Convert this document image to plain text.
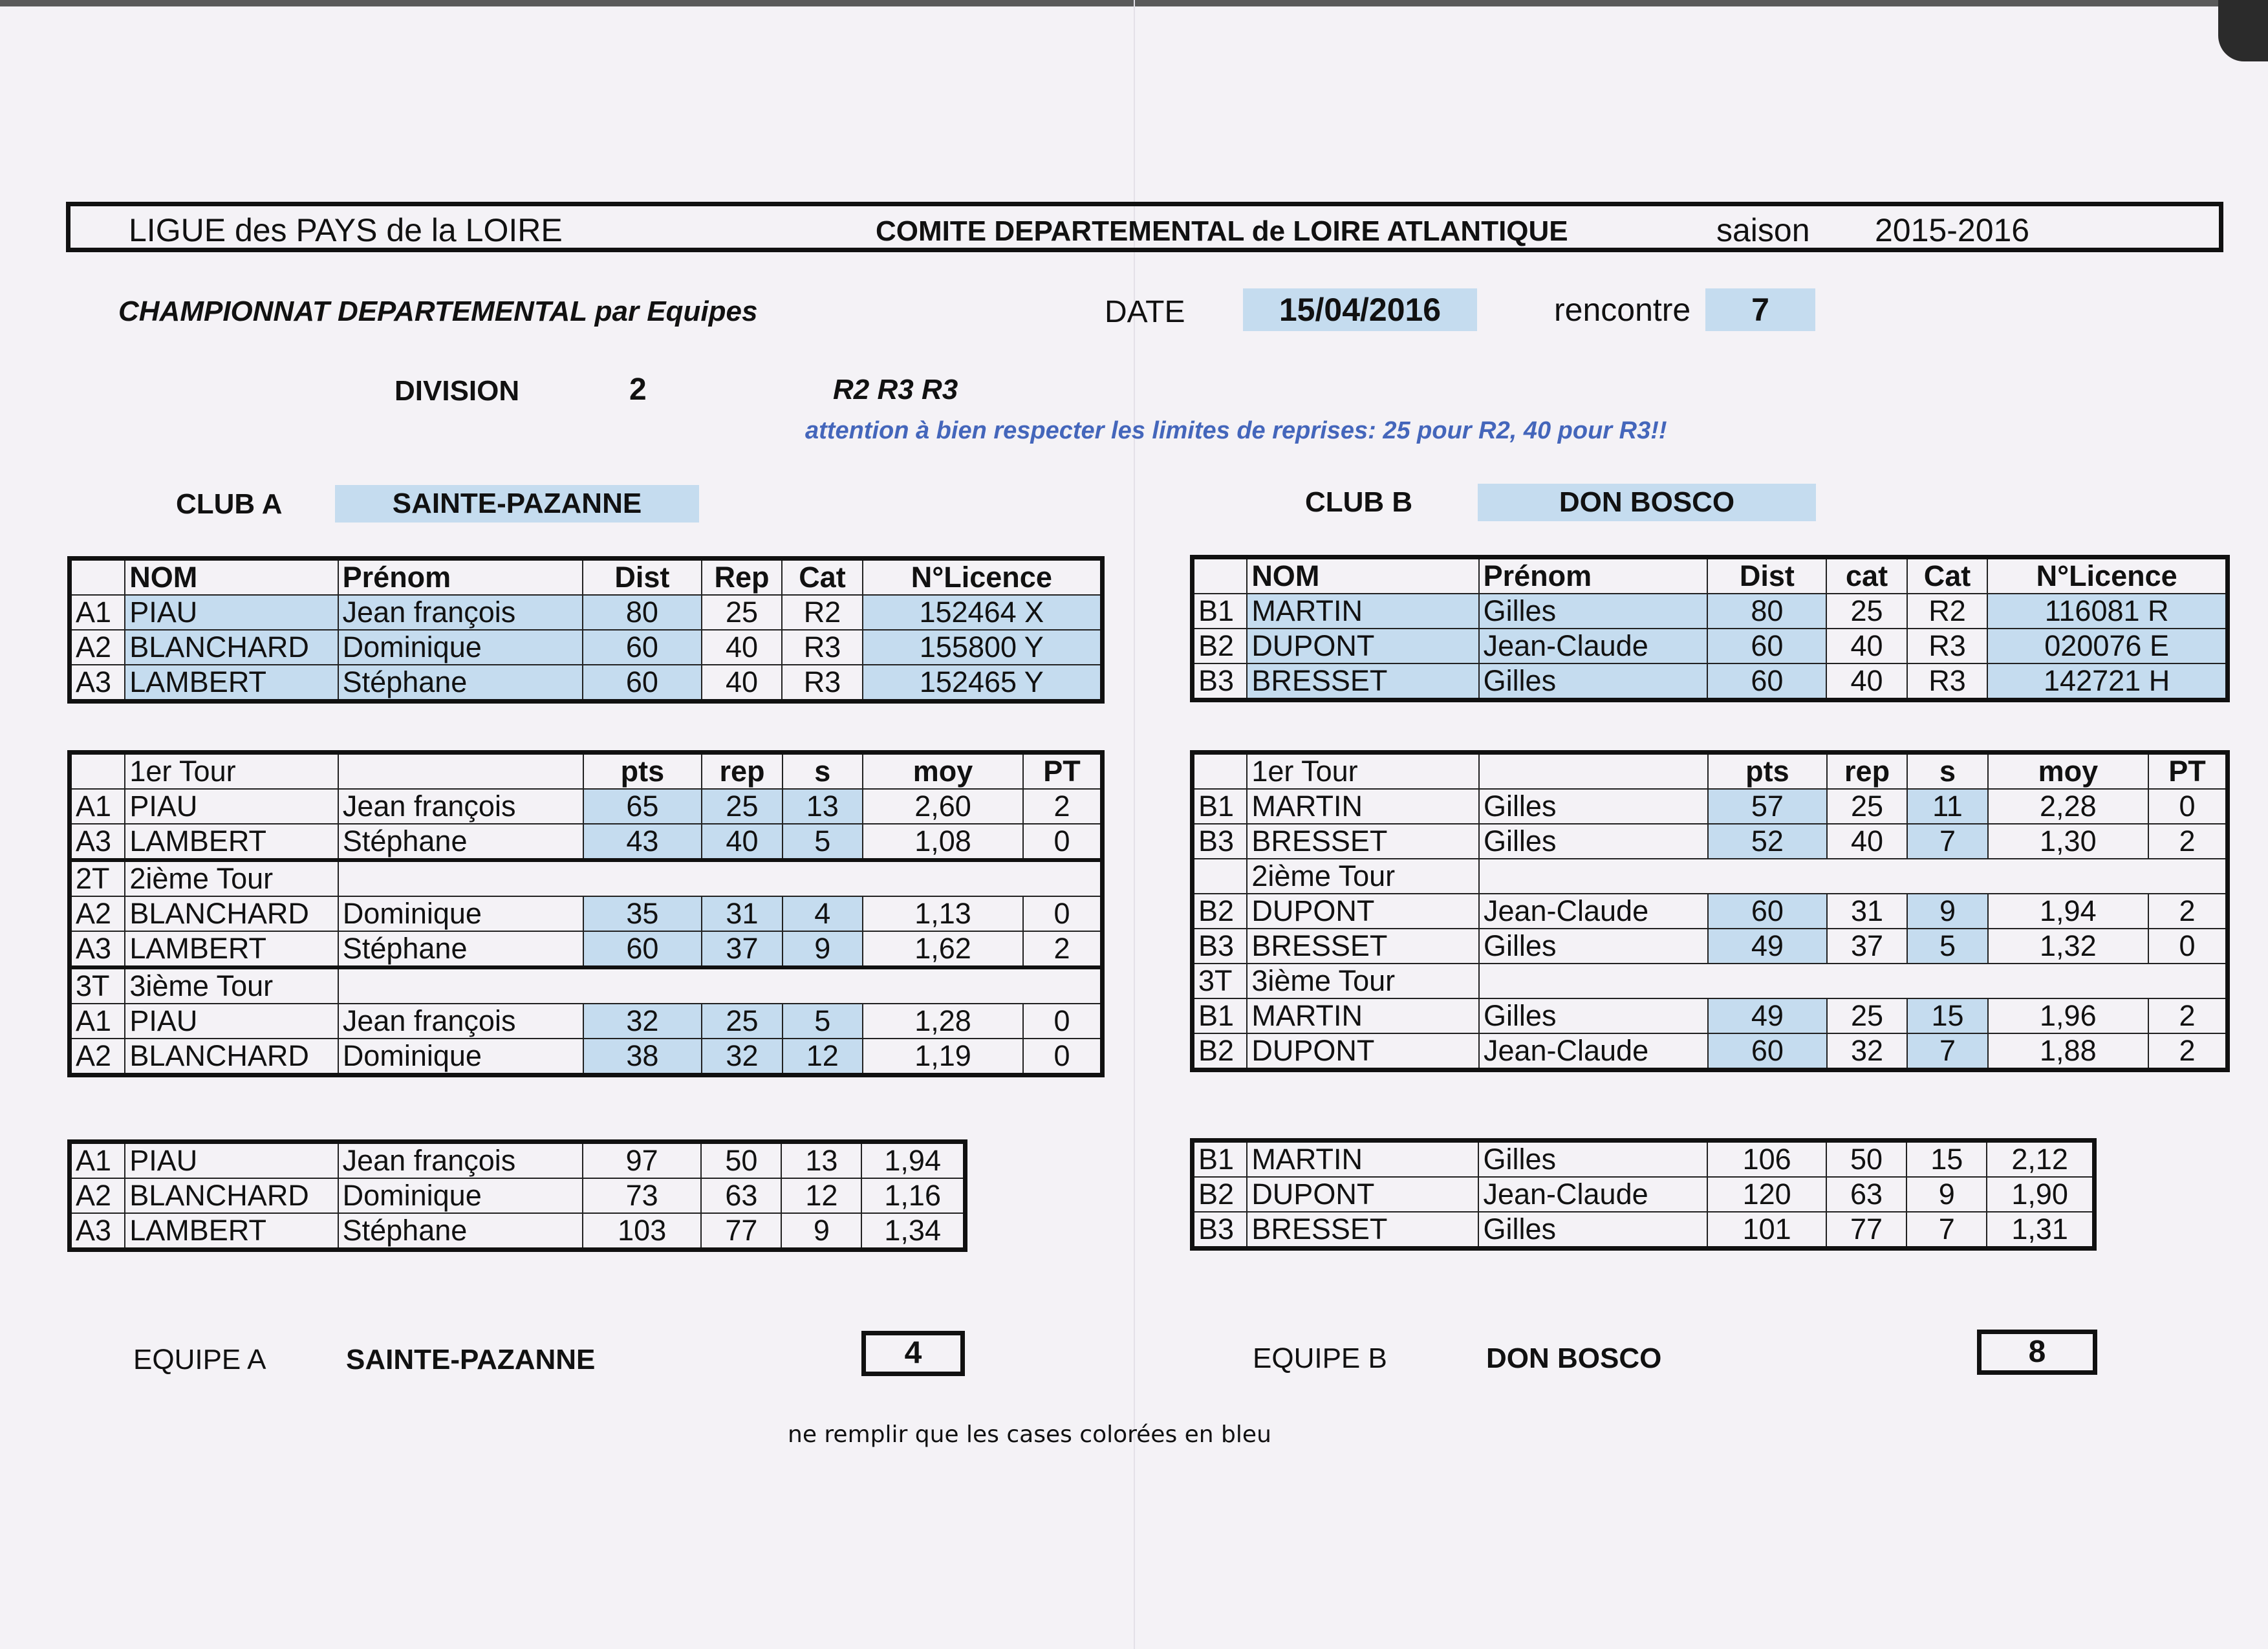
LIGUE des PAYS de la LOIRE	COMITE DEPARTEMENTAL de LOIRE ATLANTIQUE	saison 2015-2016
CHAMPIONNAT DEPARTEMENTAL par Equipes	DATE	15/04/2016	rencontre	7
DIVISION	2	R2 R3 R3
attention à bien respecter les limites de reprises: 25 pour R2, 40 pour R3!!
CLUB A	SAINTE-PAZANNE	CLUB B	DON BOSCO
	NOM	Prénom	Dist	Rep	Cat	N°Licence
A1	PIAU	Jean françois	80	25	R2	152464 X
A2	BLANCHARD	Dominique	60	40	R3	155800 Y
A3	LAMBERT	Stéphane	60	40	R3	152465 Y
	NOM	Prénom	Dist	cat	Cat	N°Licence
B1	MARTIN	Gilles	80	25	R2	116081 R
B2	DUPONT	Jean-Claude	60	40	R3	020076 E
B3	BRESSET	Gilles	60	40	R3	142721 H
	1er Tour		pts	rep	s	moy	PT
A1	PIAU	Jean françois	65	25	13	2,60	2
A3	LAMBERT	Stéphane	43	40	5	1,08	0
2T	2ième Tour						
A2	BLANCHARD	Dominique	35	31	4	1,13	0
A3	LAMBERT	Stéphane	60	37	9	1,62	2
3T	3ième Tour						
A1	PIAU	Jean françois	32	25	5	1,28	0
A2	BLANCHARD	Dominique	38	32	12	1,19	0
	1er Tour		pts	rep	s	moy	PT
B1	MARTIN	Gilles	57	25	11	2,28	0
B3	BRESSET	Gilles	52	40	7	1,30	2
	2ième Tour						
B2	DUPONT	Jean-Claude	60	31	9	1,94	2
B3	BRESSET	Gilles	49	37	5	1,32	0
3T	3ième Tour						
B1	MARTIN	Gilles	49	25	15	1,96	2
B2	DUPONT	Jean-Claude	60	32	7	1,88	2
A1	PIAU	Jean françois	97	50	13	1,94
A2	BLANCHARD	Dominique	73	63	12	1,16
A3	LAMBERT	Stéphane	103	77	9	1,34
B1	MARTIN	Gilles	106	50	15	2,12
B2	DUPONT	Jean-Claude	120	63	9	1,90
B3	BRESSET	Gilles	101	77	7	1,31
EQUIPE A	SAINTE-PAZANNE	4	EQUIPE B	DON BOSCO	8
ne remplir que les cases colorées en bleu
